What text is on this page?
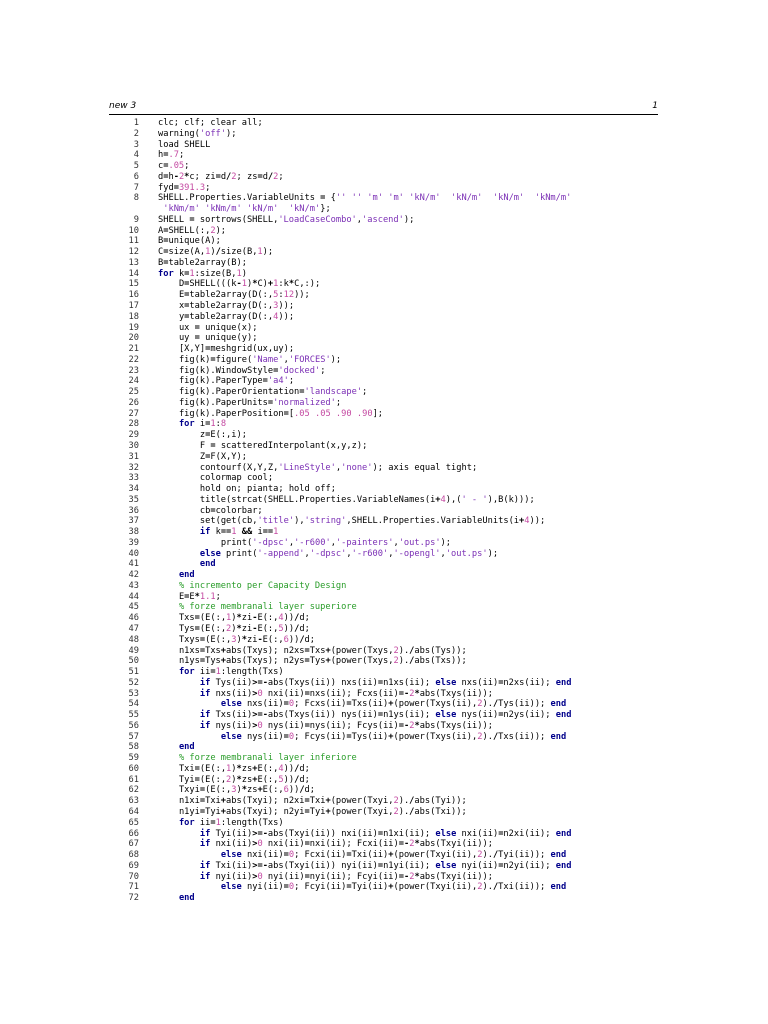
new 3	1
1 clc; clf; clear all;
2 warning('off');
3 load SHELL
4 h=.7;
5 c=.05;
6 d=h-2*c; zi=d/2; zs=d/2;
7 fyd=391.3;
8 SHELL.Properties.VariableUnits = {'' '' 'm' 'm' 'kN/m' 'kN/m' 'kN/m' 'kNm/m'
'kNm/m' 'kNm/m' 'kN/m' 'kN/m'};
9 SHELL = sortrows(SHELL,'LoadCaseCombo','ascend');
10 A=SHELL(:,2);
11 B=unique(A);
12 C=size(A,1)/size(B,1);
13 B=table2array(B);
14 for k=1:size(B,1)
15	D=SHELL(((k-1)*C)+1:k*C,:);
16	E=table2array(D(:,5:12));
17	x=table2array(D(:,3));
18	y=table2array(D(:,4));
19	ux = unique(x);
20	uy = unique(y);
21	[X,Y]=meshgrid(ux,uy);
22	fig(k)=figure('Name','FORCES');
23	fig(k).WindowStyle='docked';
24	fig(k).PaperType='a4';
25	fig(k).PaperOrientation='landscape';
26	fig(k).PaperUnits='normalized';
27	fig(k).PaperPosition=[.05 .05 .90 .90];
28	for i=1:8
29	z=E(:,i);
30	F = scatteredInterpolant(x,y,z);
31	Z=F(X,Y);
32	contourf(X,Y,Z,'LineStyle','none'); axis equal tight;
33	colormap cool;
34	hold on; pianta; hold off;
35	title(strcat(SHELL.Properties.VariableNames(i+4),(' - '),B(k)));
36	cb=colorbar;
37	set(get(cb,'title'),'string',SHELL.Properties.VariableUnits(i+4));
38	if k==1 && i==1
39	print('-dpsc','-r600','-painters','out.ps');
40	else print('-append','-dpsc','-r600','-opengl','out.ps');
41	end
42	end
43	% incremento per Capacity Design
44	E=E*1.1;
45	% forze membranali layer superiore
46	Txs=(E(:,1)*zi-E(:,4))/d;
47	Tys=(E(:,2)*zi-E(:,5))/d;
48	Txys=(E(:,3)*zi-E(:,6))/d;
49	n1xs=Txs+abs(Txys); n2xs=Txs+(power(Txys,2)./abs(Tys));
50	n1ys=Tys+abs(Txys); n2ys=Tys+(power(Txys,2)./abs(Txs));
51	for ii=1:length(Txs)
52	if Tys(ii)>=-abs(Txys(ii)) nxs(ii)=n1xs(ii); else nxs(ii)=n2xs(ii); end
53	if nxs(ii)>0 nxi(ii)=nxs(ii); Fcxs(ii)=-2*abs(Txys(ii));
54	else nxs(ii)=0; Fcxs(ii)=Txs(ii)+(power(Txys(ii),2)./Tys(ii)); end
55	if Txs(ii)>=-abs(Txys(ii)) nys(ii)=n1ys(ii); else nys(ii)=n2ys(ii); end
56	if nys(ii)>0 nys(ii)=nys(ii); Fcys(ii)=-2*abs(Txys(ii));
57	else nys(ii)=0; Fcys(ii)=Tys(ii)+(power(Txys(ii),2)./Txs(ii)); end
58	end
59	% forze membranali layer inferiore
60	Txi=(E(:,1)*zs+E(:,4))/d;
61	Tyi=(E(:,2)*zs+E(:,5))/d;
62	Txyi=(E(:,3)*zs+E(:,6))/d;
63	n1xi=Txi+abs(Txyi); n2xi=Txi+(power(Txyi,2)./abs(Tyi));
64	n1yi=Tyi+abs(Txyi); n2yi=Tyi+(power(Txyi,2)./abs(Txi));
65	for ii=1:length(Txs)
66	if Tyi(ii)>=-abs(Txyi(ii)) nxi(ii)=n1xi(ii); else nxi(ii)=n2xi(ii); end
67	if nxi(ii)>0 nxi(ii)=nxi(ii); Fcxi(ii)=-2*abs(Txyi(ii));
68	else nxi(ii)=0; Fcxi(ii)=Txi(ii)+(power(Txyi(ii),2)./Tyi(ii)); end
69	if Txi(ii)>=-abs(Txyi(ii)) nyi(ii)=n1yi(ii); else nyi(ii)=n2yi(ii); end
70	if nyi(ii)>0 nyi(ii)=nyi(ii); Fcyi(ii)=-2*abs(Txyi(ii));
71	else nyi(ii)=0; Fcyi(ii)=Tyi(ii)+(power(Txyi(ii),2)./Txi(ii)); end
72	end
